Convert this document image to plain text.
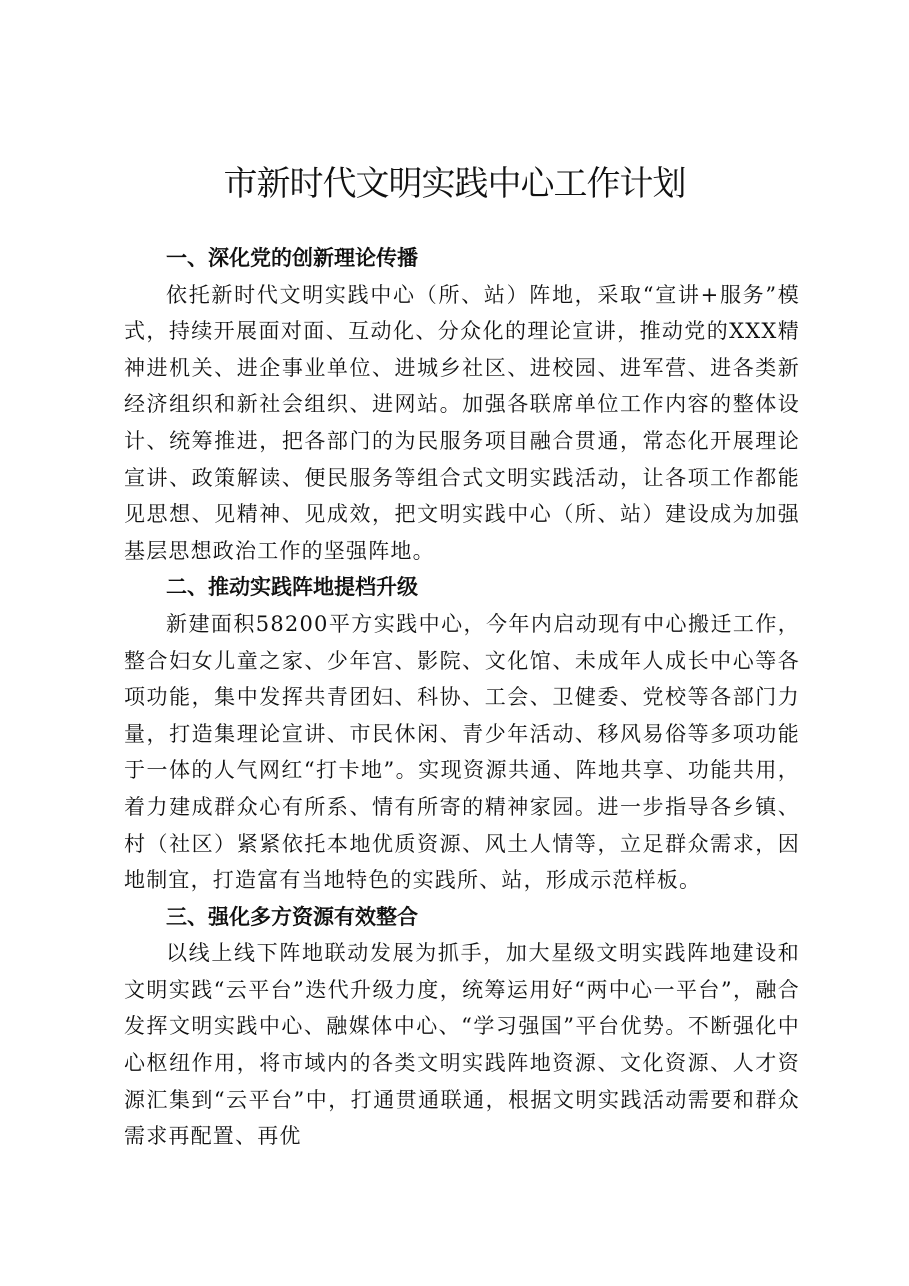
市新时代文明实践中心工作计划

一、深化党的创新理论传播

依托新时代文明实践中心（所、站）阵地，采取“宣讲+服务”模式，持续开展面对面、互动化、分众化的理论宣讲，推动党的XXX精神进机关、进企事业单位、进城乡社区、进校园、进军营、进各类新经济组织和新社会组织、进网站。加强各联席单位工作内容的整体设计、统筹推进，把各部门的为民服务项目融合贯通，常态化开展理论宣讲、政策解读、便民服务等组合式文明实践活动，让各项工作都能见思想、见精神、见成效，把文明实践中心（所、站）建设成为加强基层思想政治工作的坚强阵地。

二、推动实践阵地提档升级

新建面积58200平方实践中心，今年内启动现有中心搬迁工作，整合妇女儿童之家、少年宫、影院、文化馆、未成年人成长中心等各项功能，集中发挥共青团妇、科协、工会、卫健委、党校等各部门力量，打造集理论宣讲、市民休闲、青少年活动、移风易俗等多项功能于一体的人气网红“打卡地”。实现资源共通、阵地共享、功能共用，着力建成群众心有所系、情有所寄的精神家园。进一步指导各乡镇、村（社区）紧紧依托本地优质资源、风土人情等，立足群众需求，因地制宜，打造富有当地特色的实践所、站，形成示范样板。

三、强化多方资源有效整合

以线上线下阵地联动发展为抓手，加大星级文明实践阵地建设和文明实践“云平台”迭代升级力度，统筹运用好“两中心一平台”，融合发挥文明实践中心、融媒体中心、“学习强国”平台优势。不断强化中心枢纽作用，将市域内的各类文明实践阵地资源、文化资源、人才资源汇集到“云平台”中，打通贯通联通，根据文明实践活动需要和群众需求再配置、再优
